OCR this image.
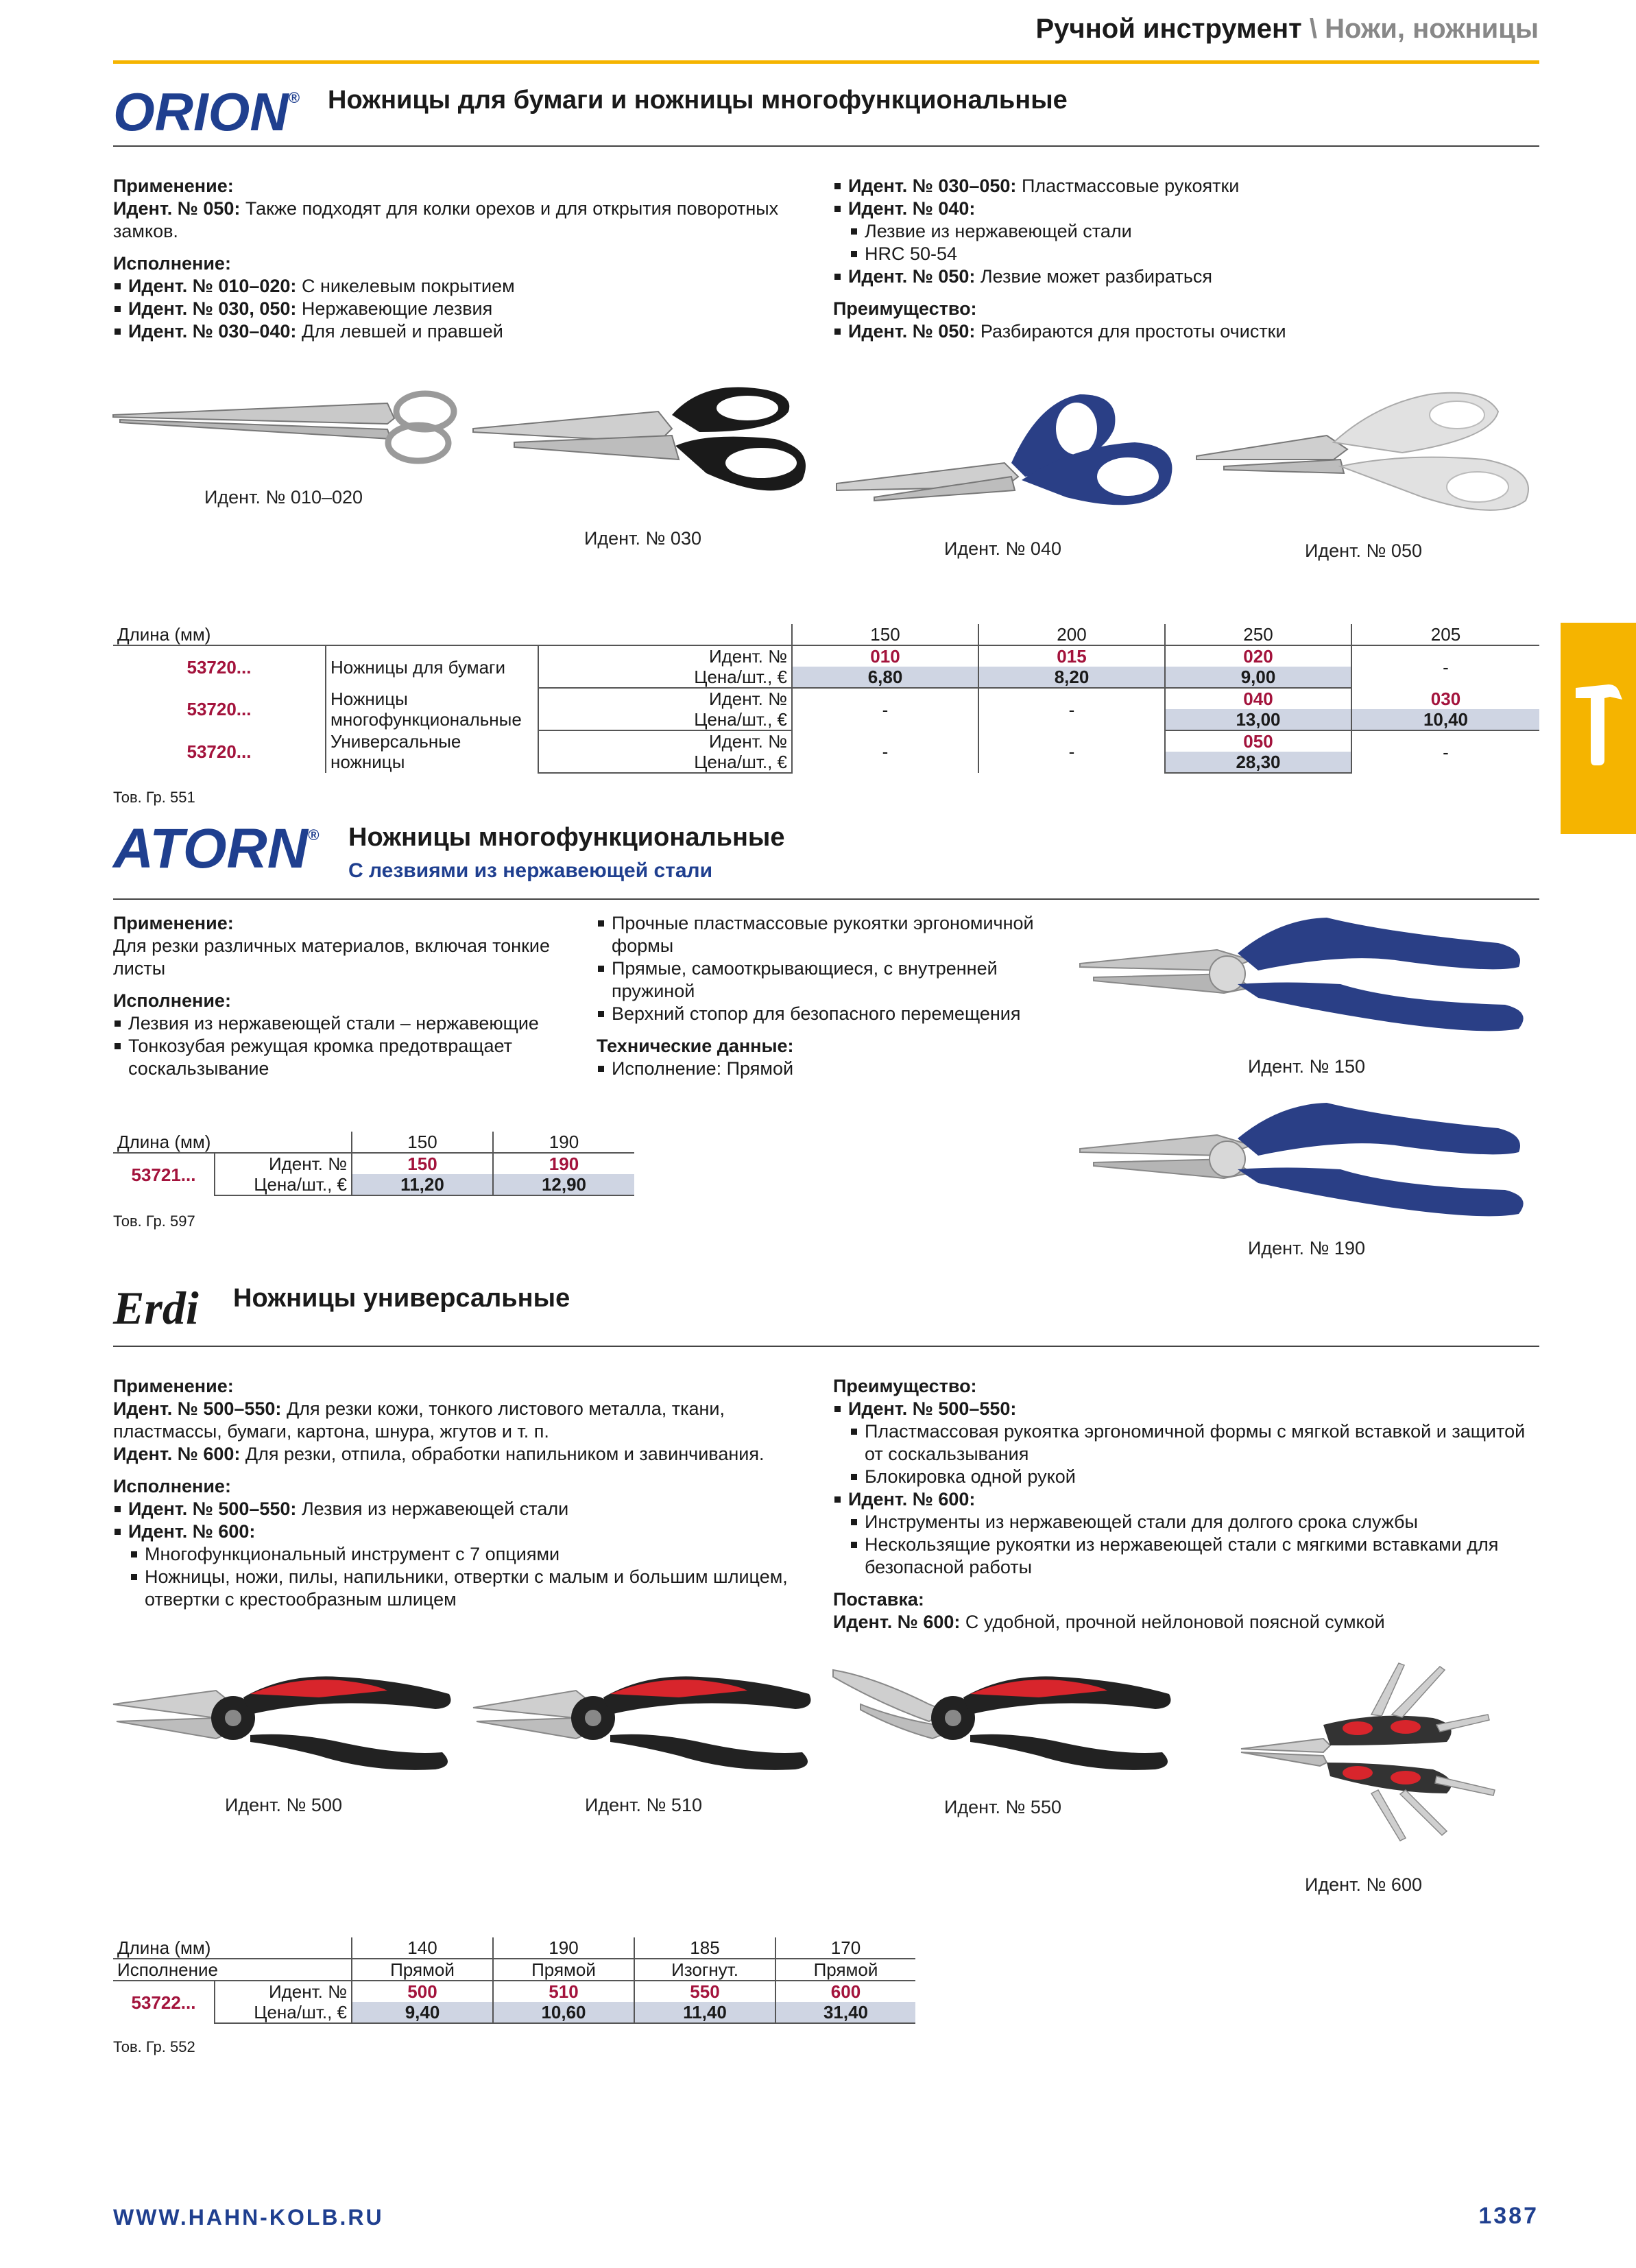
Ручной инструмент \ Ножи, ножницы
ORION® Ножницы для бумаги и ножницы многофункциональные

Применение:

Идент. № 050: Также подходят для колки орехов и для открытия поворотных замков.

Исполнение:

Идент. № 010–020: С никелевым покрытием
Идент. № 030, 050: Нержавеющие лезвия
Идент. № 030–040: Для левшей и правшей
Идент. № 030–050: Пластмассовые рукоятки
Идент. № 040:
Лезвие из нержавеющей стали
HRC 50-54
Идент. № 050: Лезвие может разбираться

Преимущество:

Идент. № 050: Разбираются для простоты очистки
Идент. № 010–020
Идент. № 030	Идент. № 040	Идент. № 050
Длина (мм)			150	200	250	205
53720...	Ножницы для бумаги	Идент. №	010	015	020	-
		Цена/шт., €	6,80	8,20	9,00	
53720...	Ножницы многофункциональные	Идент. №	-	-	040	030
		Цена/шт., €			13,00	10,40
53720...	Универсальные ножницы	Идент. №	-	-	050	-
		Цена/шт., €			28,30	
Тов. Гр. 551
ATORN® Ножницы многофункциональные
С лезвиями из нержавеющей стали

Применение:

Для резки различных материалов, включая тонкие листы

Исполнение:

Лезвия из нержавеющей стали – нержавеющие
Тонкозубая режущая кромка предотвращает соскальзывание
Прочные пластмассовые рукоятки эргономичной формы
Прямые, самооткрывающиеся, с внутренней пружиной
Верхний стопор для безопасного перемещения

Технические данные:

Исполнение: Прямой	Идент. № 150
Идент. № 190
Длина (мм)		150	190
53721...	Идент. №	150	190
	Цена/шт., €	11,20	12,90
Тов. Гр. 597
Erdi Ножницы универсальные

Применение:

Идент. № 500–550: Для резки кожи, тонкого листового металла, ткани, пластмассы, бумаги, картона, шнура, жгутов и т. п.

Идент. № 600: Для резки, отпила, обработки напильником и завинчивания.

Исполнение:

Идент. № 500–550: Лезвия из нержавеющей стали
Идент. № 600:
Многофункциональный инструмент с 7 опциями
Ножницы, ножи, пилы, напильники, отвертки с малым и большим шлицем, отвертки с крестообразным шлицем

Преимущество:

Идент. № 500–550:
Пластмассовая рукоятка эргономичной формы с мягкой вставкой и защитой от соскальзывания
Блокировка одной рукой
Идент. № 600:
Инструменты из нержавеющей стали для долгого срока службы
Нескользящие рукоятки из нержавеющей стали с мягкими вставками для безопасной работы

Поставка:

Идент. № 600: С удобной, прочной нейлоновой поясной сумкой

Идент. № 500	Идент. № 510	Идент. № 550
Идент. № 600
Длина (мм)		140	190	185	170
Исполнение		Прямой	Прямой	Изогнут.	Прямой
53722...	Идент. №	500	510	550	600
	Цена/шт., €	9,40	10,60	11,40	31,40
Тов. Гр. 552
WWW.HAHN-KOLB.RU	1387
